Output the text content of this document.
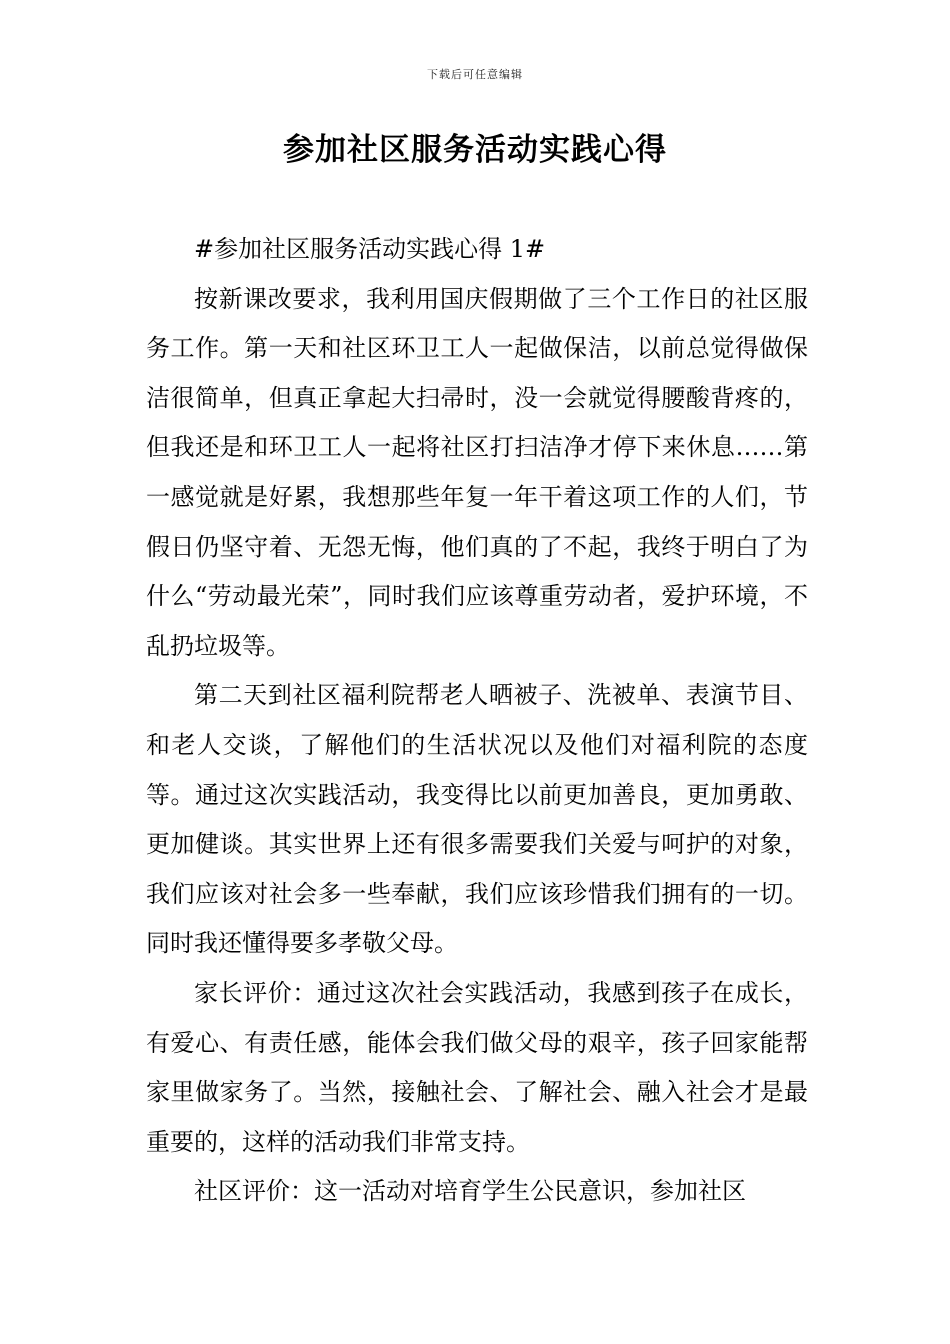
下载后可任意编辑
参加社区服务活动实践心得

#参加社区服务活动实践心得 1#

按新课改要求，我利用国庆假期做了三个工作日的社区服务工作。第一天和社区环卫工人一起做保洁，以前总觉得做保洁很简单，但真正拿起大扫帚时，没一会就觉得腰酸背疼的，但我还是和环卫工人一起将社区打扫洁净才停下来休息……第一感觉就是好累，我想那些年复一年干着这项工作的人们，节假日仍坚守着、无怨无悔，他们真的了不起，我终于明白了为什么“劳动最光荣”，同时我们应该尊重劳动者，爱护环境，不乱扔垃圾等。

第二天到社区福利院帮老人晒被子、洗被单、表演节目、和老人交谈，了解他们的生活状况以及他们对福利院的态度等。通过这次实践活动，我变得比以前更加善良，更加勇敢、更加健谈。其实世界上还有很多需要我们关爱与呵护的对象，我们应该对社会多一些奉献，我们应该珍惜我们拥有的一切。同时我还懂得要多孝敬父母。

家长评价：通过这次社会实践活动，我感到孩子在成长，有爱心、有责任感，能体会我们做父母的艰辛，孩子回家能帮家里做家务了。当然，接触社会、了解社会、融入社会才是最重要的，这样的活动我们非常支持。

社区评价：这一活动对培育学生公民意识，参加社区
